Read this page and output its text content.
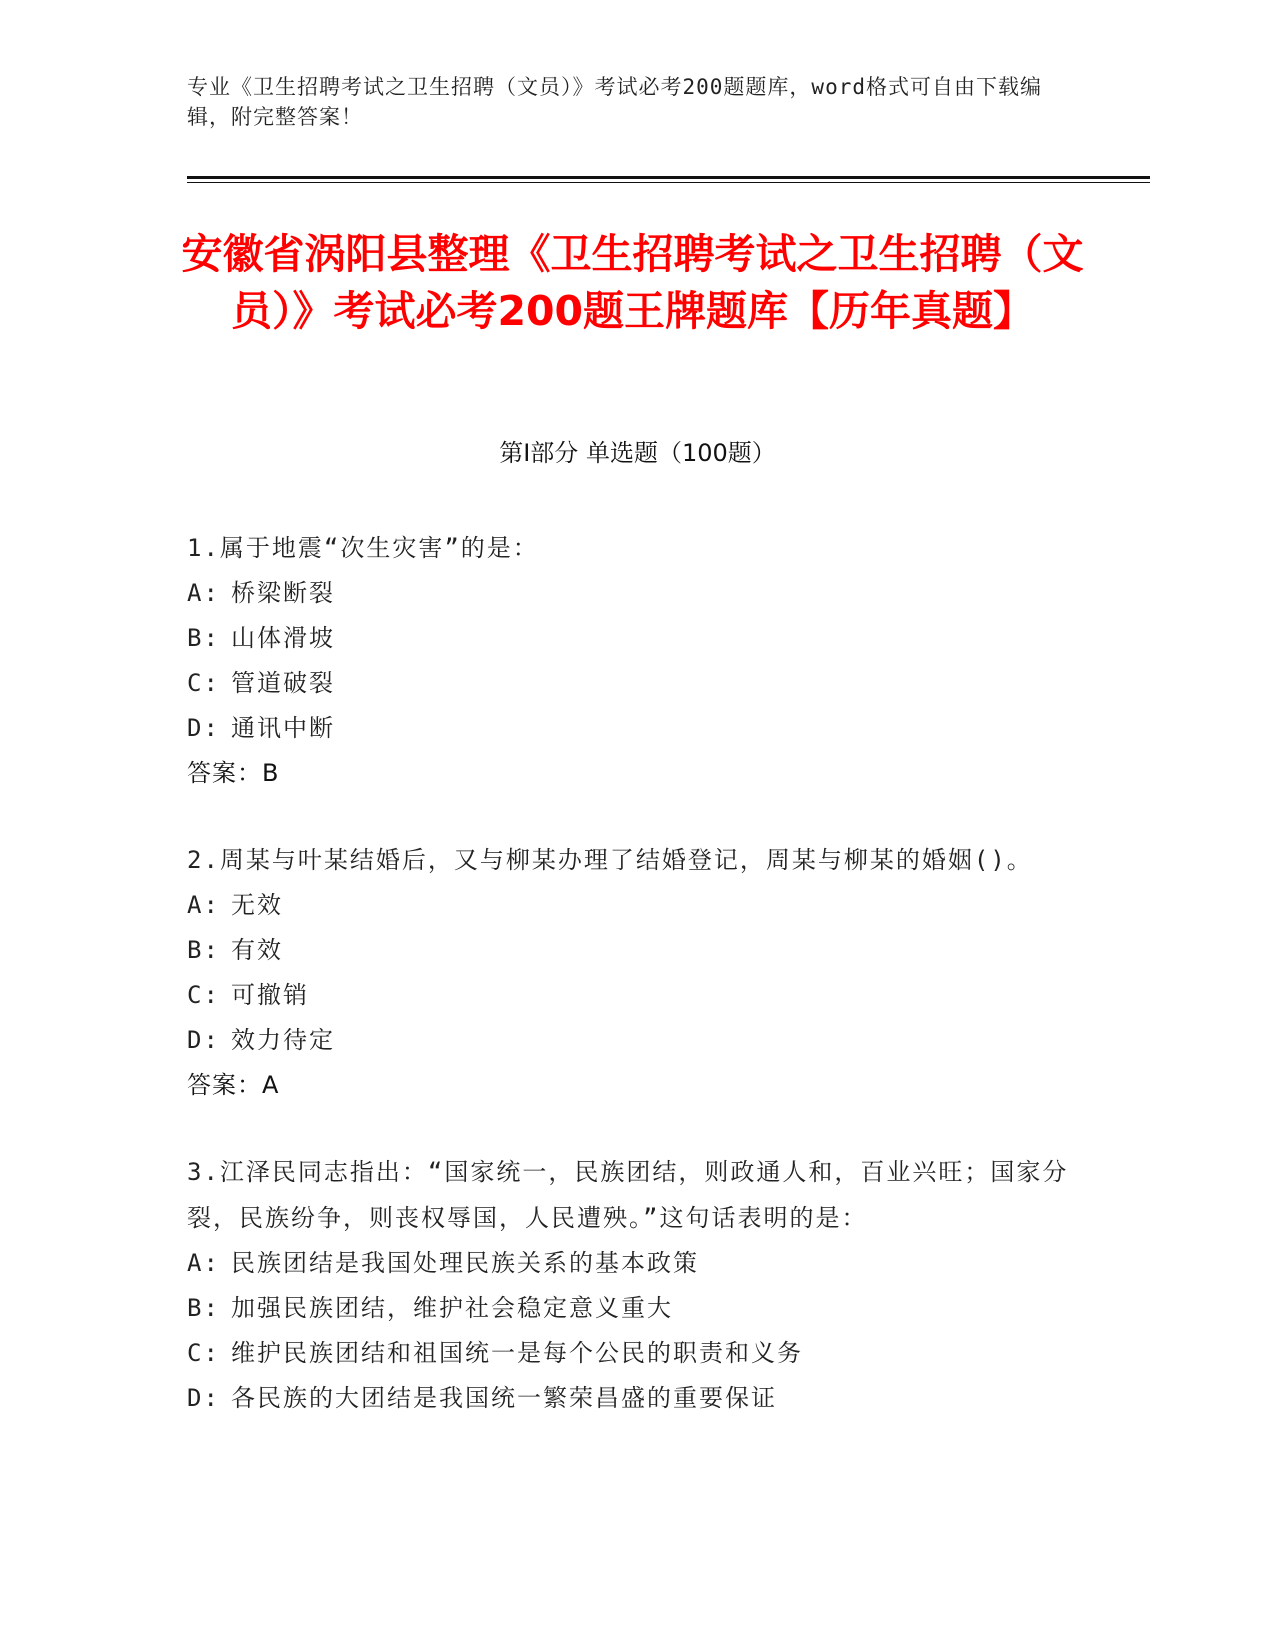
专业《卫生招聘考试之卫生招聘（文员）》考试必考200题题库，word格式可自由下载编辑，附完整答案！
安徽省涡阳县整理《卫生招聘考试之卫生招聘（文员）》考试必考200题王牌题库【历年真题】
第Ⅰ部分 单选题（100题）
1.属于地震“次生灾害”的是：
A: 桥梁断裂
B: 山体滑坡
C: 管道破裂
D: 通讯中断
答案：B
2.周某与叶某结婚后，又与柳某办理了结婚登记，周某与柳某的婚姻()。
A: 无效
B: 有效
C: 可撤销
D: 效力待定
答案：A
3.江泽民同志指出：“国家统一，民族团结，则政通人和，百业兴旺；国家分裂，民族纷争，则丧权辱国，人民遭殃。”这句话表明的是：
A: 民族团结是我国处理民族关系的基本政策
B: 加强民族团结，维护社会稳定意义重大
C: 维护民族团结和祖国统一是每个公民的职责和义务
D: 各民族的大团结是我国统一繁荣昌盛的重要保证
